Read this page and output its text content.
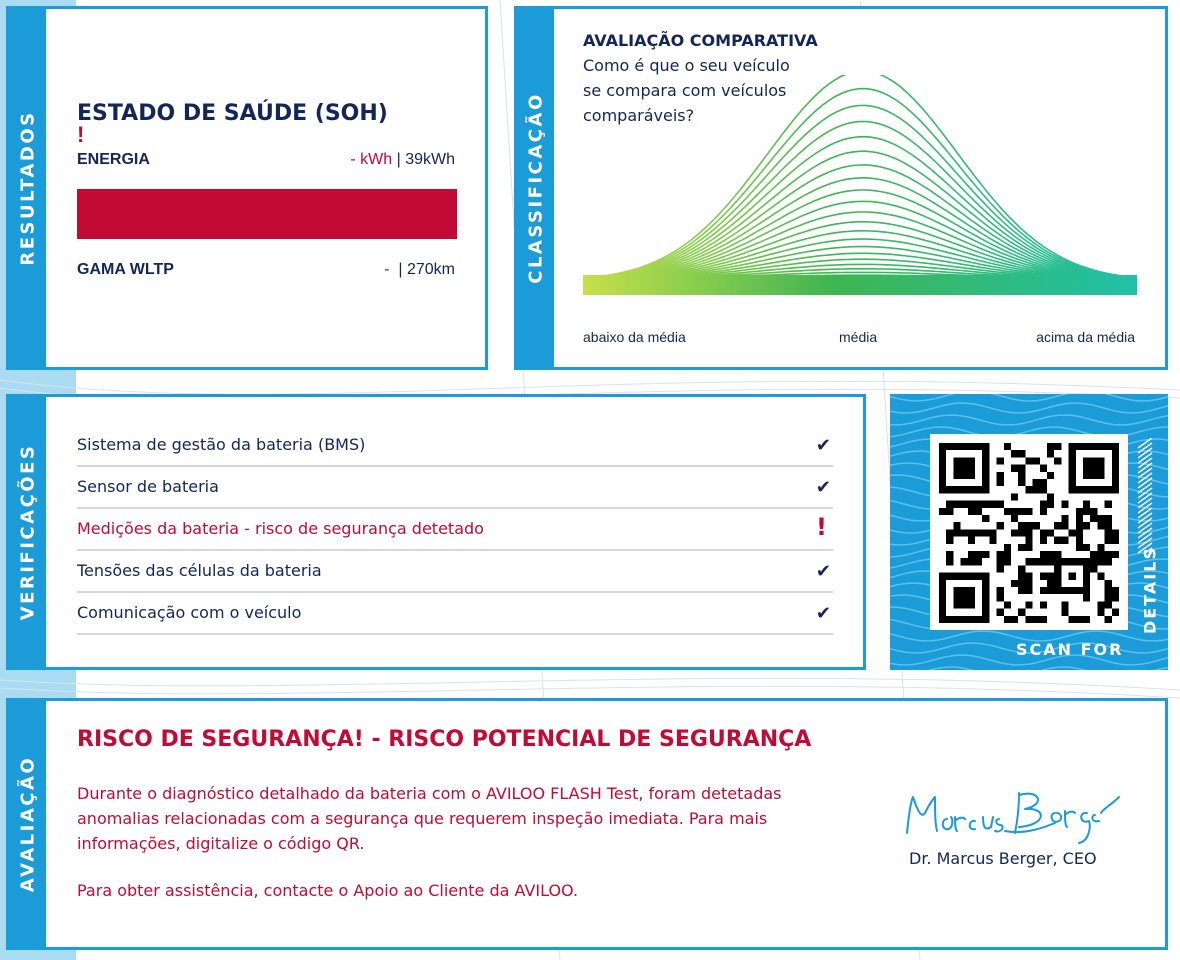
RESULTADOS ESTADO DE SAÚDE (SOH)
!
ENERGIA	- kWh | 39kWh
GAMA WLTP	-  | 270km	CLASSIFICAÇÃO
AVALIAÇÃO COMPARATIVA
Como é que o seu veículo se compara com veículos comparáveis?
abaixo da média	média	acima da média
VERIFICAÇÕES Sistema de gestão da bateria (BMS)	✔
Sensor de bateria	✔
Medições da bateria - risco de segurança detetado	!
Tensões das células da bateria	✔
Comunicação com o veículo	✔
SCAN FOR
DETAILS
AVALIAÇÃO
RISCO DE SEGURANÇA! - RISCO POTENCIAL DE SEGURANÇA
Durante o diagnóstico detalhado da bateria com o AVILOO FLASH Test, foram detetadas anomalias relacionadas com a segurança que requerem inspeção imediata. Para mais informações, digitalize o código QR.
Para obter assistência, contacte o Apoio ao Cliente da AVILOO.
Dr. Marcus Berger, CEO
